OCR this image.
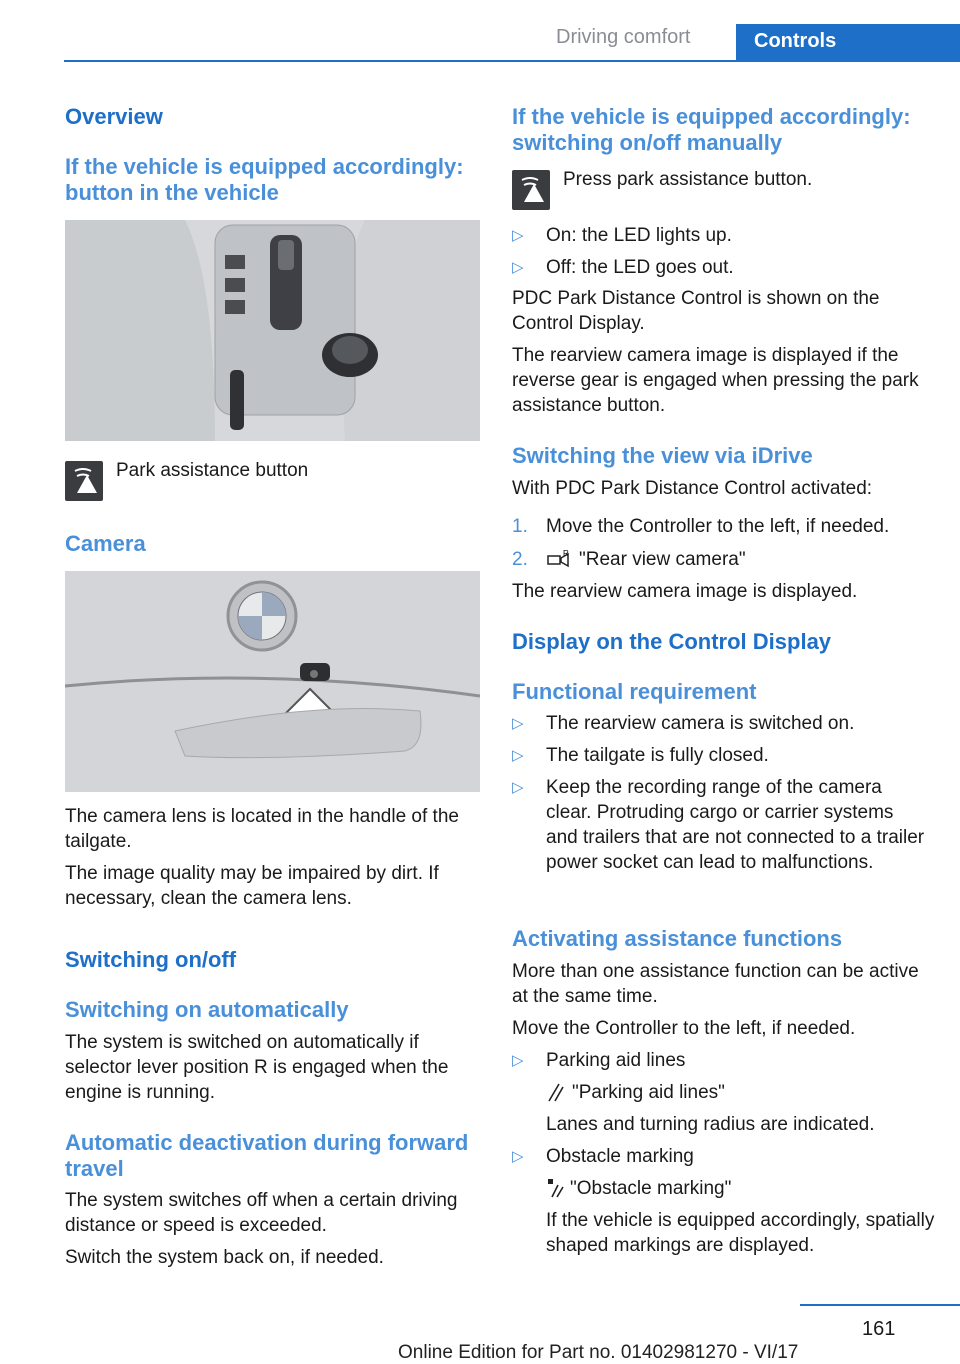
Driving comfort	Controls
Overview
If the vehicle is equipped accordingly: button in the vehicle
Park assistance button
Camera
The camera lens is located in the handle of the tailgate.
The image quality may be impaired by dirt. If necessary, clean the camera lens.
Switching on/off
Switching on automatically
The system is switched on automatically if selector lever position R is engaged when the engine is running.
Automatic deactivation during forward travel
The system switches off when a certain driving distance or speed is exceeded.
Switch the system back on, if needed.
If the vehicle is equipped accordingly: switching on/off manually
Press park assistance button.
▷ On: the LED lights up.
▷ Off: the LED goes out.
PDC Park Distance Control is shown on the Control Display.
The rearview camera image is displayed if the reverse gear is engaged when pressing the park assistance button.
Switching the view via iDrive
With PDC Park Distance Control activated:
1. Move the Controller to the left, if needed.
2.	R "Rear view camera"
The rearview camera image is displayed.
Display on the Control Display
Functional requirement
▷ The rearview camera is switched on.
▷ The tailgate is fully closed.
▷ Keep the recording range of the camera clear. Protruding cargo or carrier systems and trailers that are not connected to a trailer power socket can lead to malfunctions.
Activating assistance functions
More than one assistance function can be active at the same time.
Move the Controller to the left, if needed.
▷ Parking aid lines
"Parking aid lines"
Lanes and turning radius are indicated.
▷ Obstacle marking
"Obstacle marking"
If the vehicle is equipped accordingly, spatially shaped markings are displayed.
161
Online Edition for Part no. 01402981270 - VI/17
